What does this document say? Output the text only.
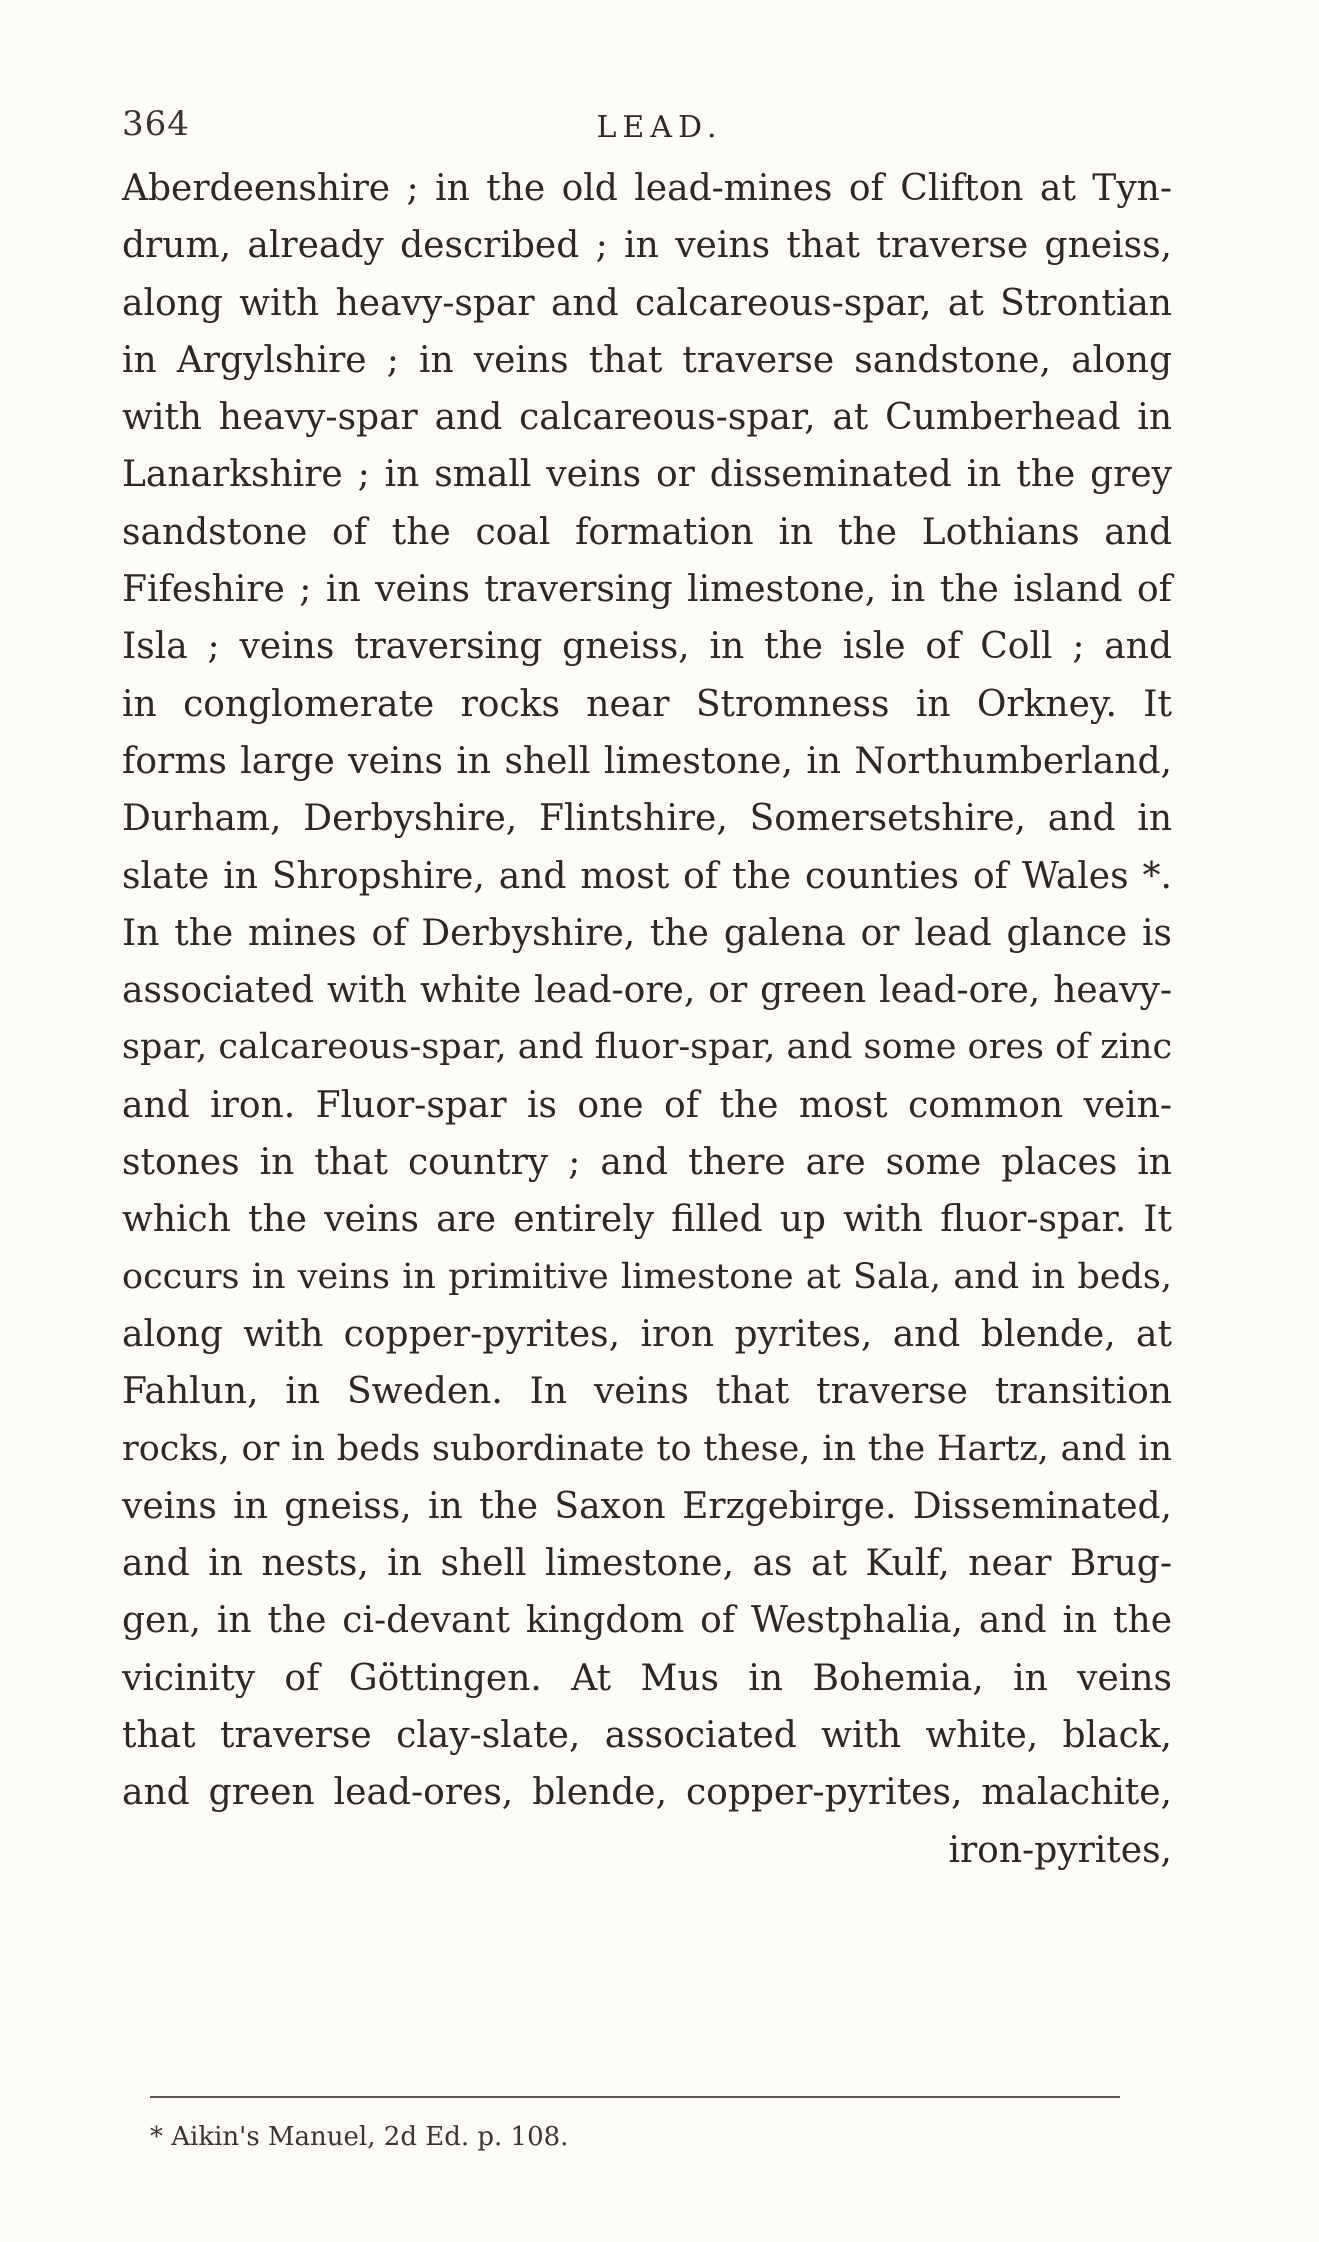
364	LEAD.
Aberdeenshire ; in the old lead-mines of Clifton at Tyn-
drum, already described ; in veins that traverse gneiss,
along with heavy-spar and calcareous-spar, at Strontian
in Argylshire ; in veins that traverse sandstone, along
with heavy-spar and calcareous-spar, at Cumberhead in
Lanarkshire ; in small veins or disseminated in the grey
sandstone of the coal formation in the Lothians and
Fifeshire ; in veins traversing limestone, in the island of
Isla ; veins traversing gneiss, in the isle of Coll ; and
in conglomerate rocks near Stromness in Orkney. It
forms large veins in shell limestone, in Northumberland,
Durham, Derbyshire, Flintshire, Somersetshire, and in
slate in Shropshire, and most of the counties of Wales *.
In the mines of Derbyshire, the galena or lead glance is
associated with white lead-ore, or green lead-ore, heavy-
spar, calcareous-spar, and fluor-spar, and some ores of zinc
and iron. Fluor-spar is one of the most common vein-
stones in that country ; and there are some places in
which the veins are entirely filled up with fluor-spar. It
occurs in veins in primitive limestone at Sala, and in beds,
along with copper-pyrites, iron pyrites, and blende, at
Fahlun, in Sweden. In veins that traverse transition
rocks, or in beds subordinate to these, in the Hartz, and in
veins in gneiss, in the Saxon Erzgebirge. Disseminated,
and in nests, in shell limestone, as at Kulf, near Brug-
gen, in the ci-devant kingdom of Westphalia, and in the
vicinity of Göttingen. At Mus in Bohemia, in veins
that traverse clay-slate, associated with white, black,
and green lead-ores, blende, copper-pyrites, malachite,
iron-pyrites,
* Aikin's Manuel, 2d Ed. p. 108.
